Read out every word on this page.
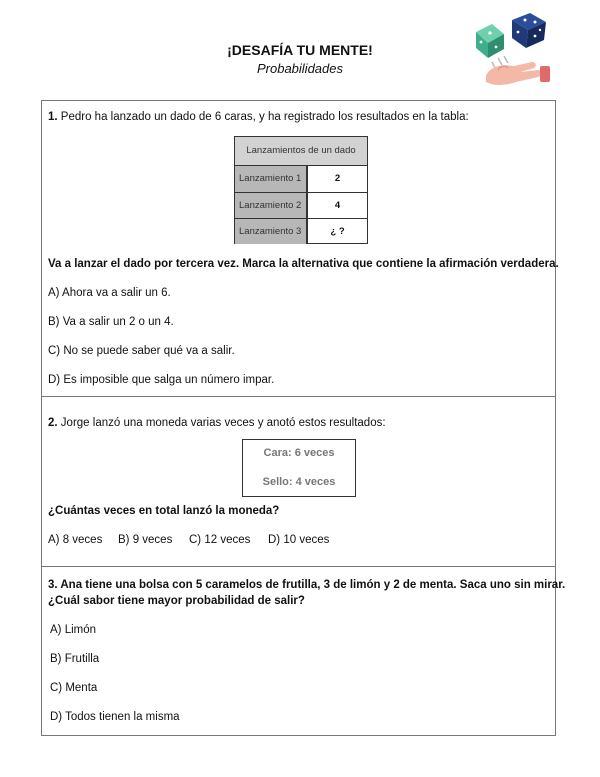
¡DESAFÍA TU MENTE!
Probabilidades
1. Pedro ha lanzado un dado de 6 caras, y ha registrado los resultados en la tabla:
Lanzamientos de un dado
Lanzamiento 1	2
Lanzamiento 2	4
Lanzamiento 3	¿ ?
Va a lanzar el dado por tercera vez. Marca la alternativa que contiene la afirmación verdadera.
A) Ahora va a salir un 6.
B) Va a salir un 2 o un 4.
C) No se puede saber qué va a salir.
D) Es imposible que salga un número impar.
2. Jorge lanzó una moneda varias veces y anotó estos resultados:
Cara: 6 veces
Sello: 4 veces
¿Cuántas veces en total lanzó la moneda?
A) 8 veces B) 9 veces C) 12 veces D) 10 veces
3. Ana tiene una bolsa con 5 caramelos de frutilla, 3 de limón y 2 de menta. Saca uno sin mirar.
¿Cuál sabor tiene mayor probabilidad de salir?
A) Limón
B) Frutilla
C) Menta
D) Todos tienen la misma
